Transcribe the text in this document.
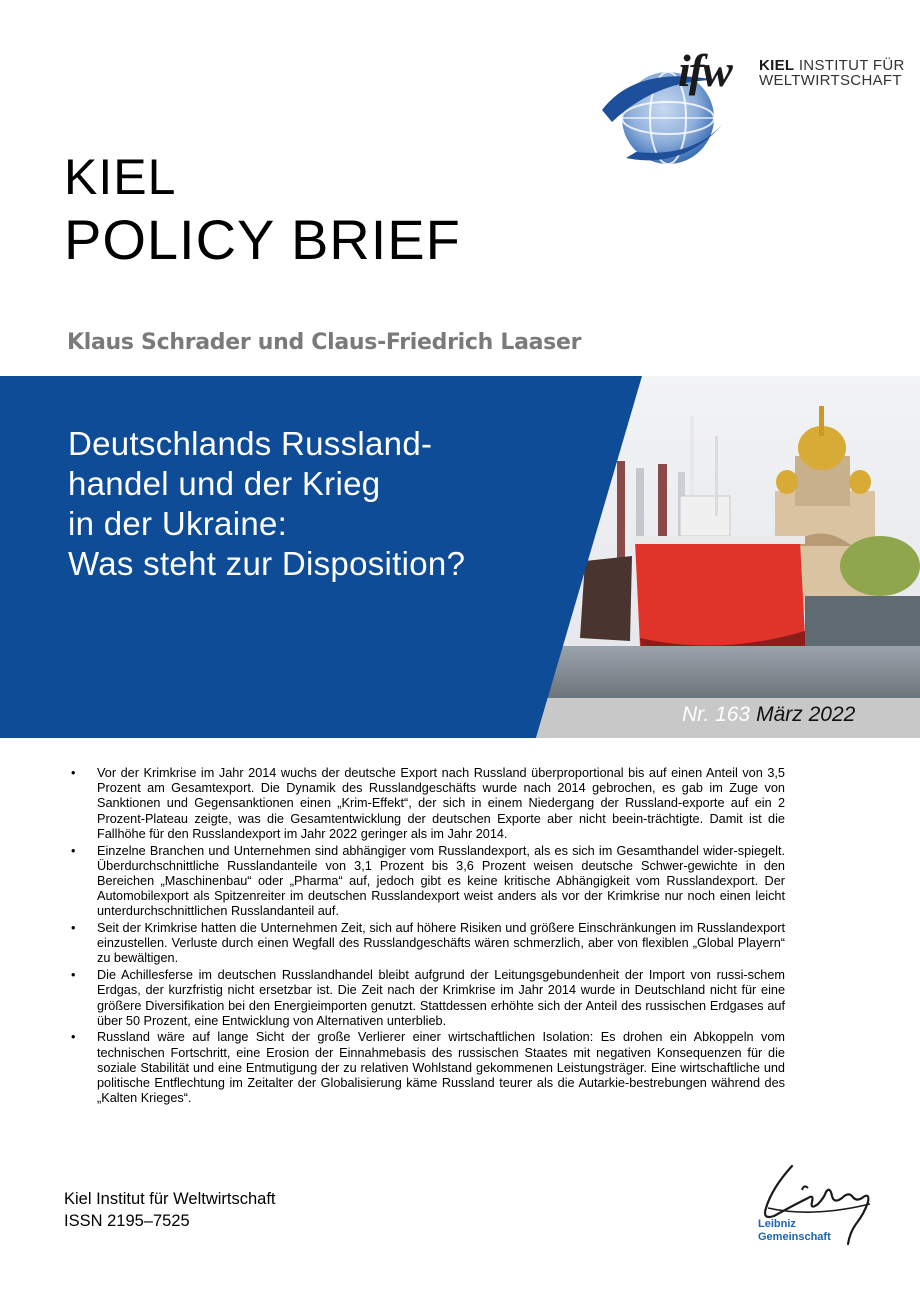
ifw KIEL INSTITUT FÜR
WELTWIRTSCHAFT
KIEL
POLICY BRIEF
Klaus Schrader und Claus-Friedrich Laaser
Deutschlands Russland-
handel und der Krieg
in der Ukraine:
Was steht zur Disposition?
Nr. 163 März 2022
• Vor der Krimkrise im Jahr 2014 wuchs der deutsche Export nach Russland überproportional bis auf einen Anteil von 3,5 Prozent am Gesamtexport. Die Dynamik des Russlandgeschäfts wurde nach 2014 gebrochen, es gab im Zuge von Sanktionen und Gegensanktionen einen „Krim-Effekt“, der sich in einem Niedergang der Russland-exporte auf ein 2 Prozent-Plateau zeigte, was die Gesamtentwicklung der deutschen Exporte aber nicht beein-trächtigte. Damit ist die Fallhöhe für den Russlandexport im Jahr 2022 geringer als im Jahr 2014.
• Einzelne Branchen und Unternehmen sind abhängiger vom Russlandexport, als es sich im Gesamthandel wider-spiegelt. Überdurchschnittliche Russlandanteile von 3,1 Prozent bis 3,6 Prozent weisen deutsche Schwer-gewichte in den Bereichen „Maschinenbau“ oder „Pharma“ auf, jedoch gibt es keine kritische Abhängigkeit vom Russlandexport. Der Automobilexport als Spitzenreiter im deutschen Russlandexport weist anders als vor der Krimkrise nur noch einen leicht unterdurchschnittlichen Russlandanteil auf.
• Seit der Krimkrise hatten die Unternehmen Zeit, sich auf höhere Risiken und größere Einschränkungen im Russlandexport einzustellen. Verluste durch einen Wegfall des Russlandgeschäfts wären schmerzlich, aber von flexiblen „Global Playern“ zu bewältigen.
• Die Achillesferse im deutschen Russlandhandel bleibt aufgrund der Leitungsgebundenheit der Import von russi-schem Erdgas, der kurzfristig nicht ersetzbar ist. Die Zeit nach der Krimkrise im Jahr 2014 wurde in Deutschland nicht für eine größere Diversifikation bei den Energieimporten genutzt. Stattdessen erhöhte sich der Anteil des russischen Erdgases auf über 50 Prozent, eine Entwicklung von Alternativen unterblieb.
• Russland wäre auf lange Sicht der große Verlierer einer wirtschaftlichen Isolation: Es drohen ein Abkoppeln vom technischen Fortschritt, eine Erosion der Einnahmebasis des russischen Staates mit negativen Konsequenzen für die soziale Stabilität und eine Entmutigung der zu relativen Wohlstand gekommenen Leistungsträger. Eine wirtschaftliche und politische Entflechtung im Zeitalter der Globalisierung käme Russland teurer als die Autarkie-bestrebungen während des „Kalten Krieges“.
Kiel Institut für Weltwirtschaft
ISSN 2195–7525	Leibniz
Gemeinschaft
